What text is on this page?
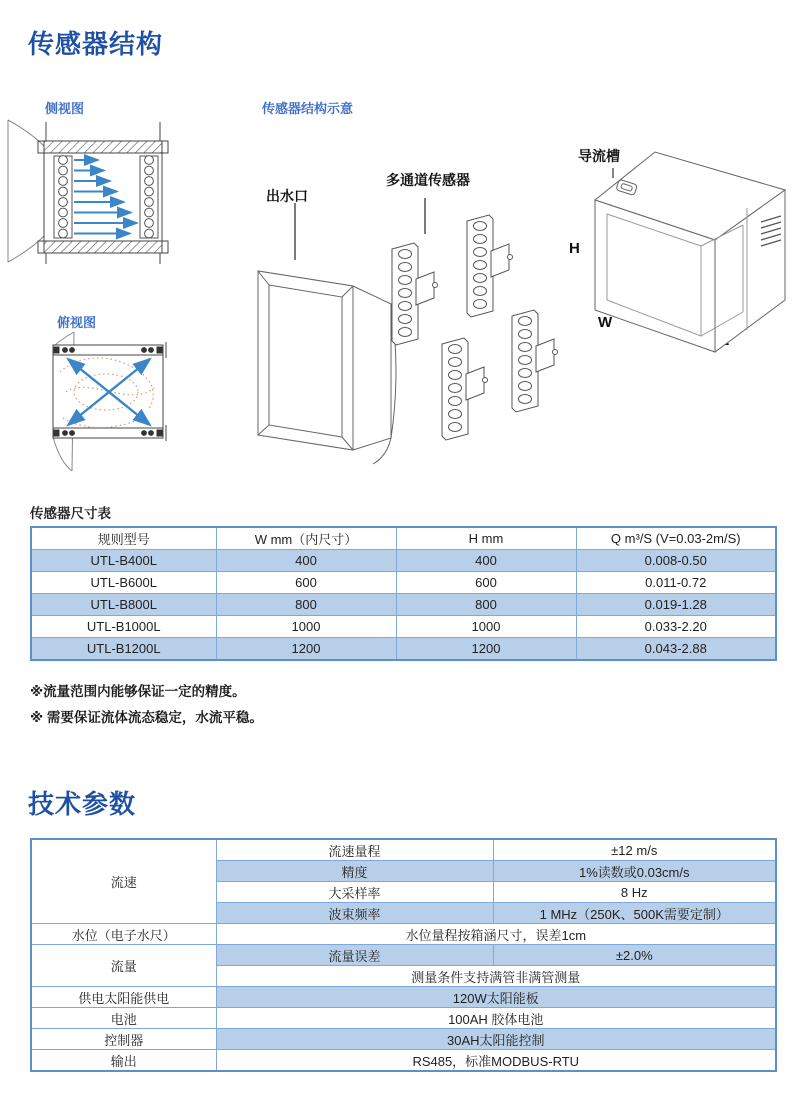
传感器结构
侧视图	传感器结构示意
俯视图
出水口
多通道传感器
导流槽
H
W
传感器尺寸表
规则型号	W mm（内尺寸）	H mm	Q m³/S (V=0.03-2m/S)
UTL-B400L	400	400	0.008-0.50
UTL-B600L	600	600	0.011-0.72
UTL-B800L	800	800	0.019-1.28
UTL-B1000L	1000	1000	0.033-2.20
UTL-B1200L	1200	1200	0.043-2.88
※流量范围内能够保证一定的精度。
※ 需要保证流体流态稳定，水流平稳。
技术参数
流速	流速量程	±12 m/s
	精度	1%读数或0.03cm/s
	大采样率	8 Hz
	波束频率	1 MHz（250K、500K需要定制）
水位（电子水尺）	水位量程按箱涵尺寸，误差1cm	
流量	流量误差	±2.0%
	测量条件支持满管非满管测量	
供电太阳能供电	120W太阳能板	
电池	100AH 胶体电池	
控制器	30AH太阳能控制	
输出	RS485，标准MODBUS-RTU	
